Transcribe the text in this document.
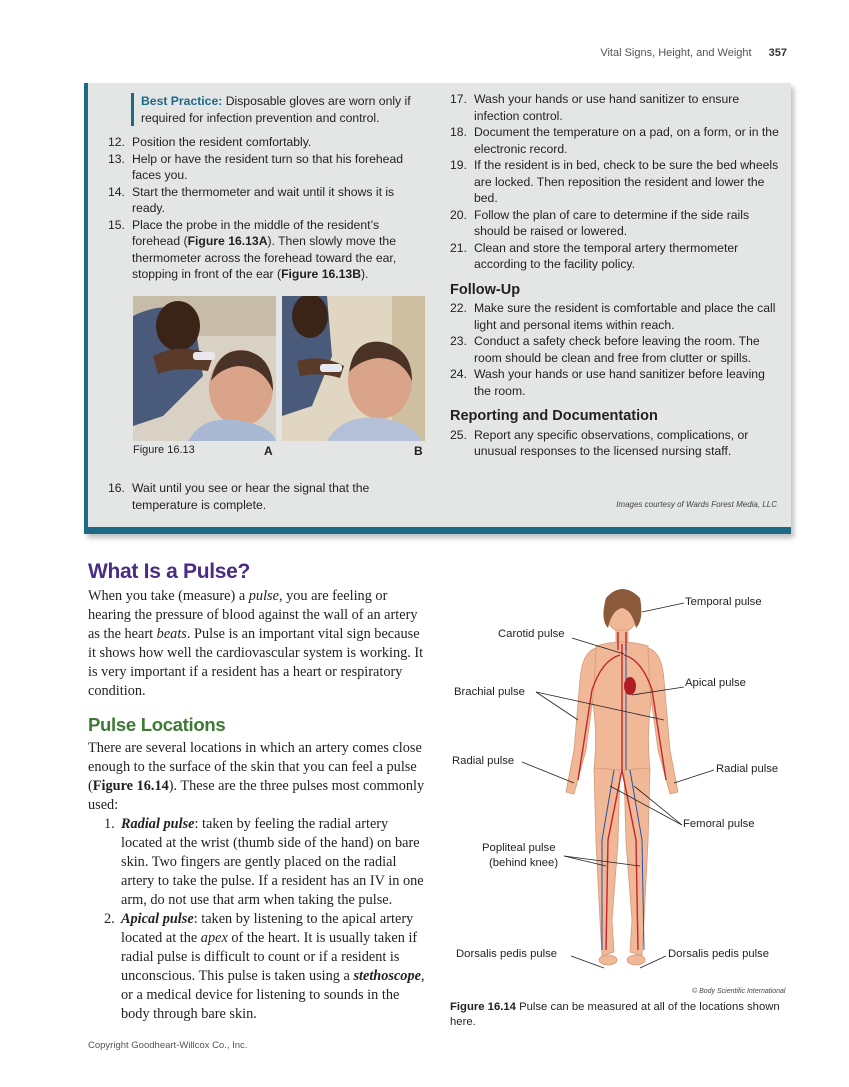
Vital Signs, Height, and Weight 357
Best Practice: Disposable gloves are worn only if required for infection prevention and control.
12. Position the resident comfortably.
13. Help or have the resident turn so that his forehead faces you.
14. Start the thermometer and wait until it shows it is ready.
15. Place the probe in the middle of the resident’s forehead (Figure 16.13A). Then slowly move the thermometer across the forehead toward the ear, stopping in front of the ear (Figure 16.13B).
Figure 16.13	A	B
16. Wait until you see or hear the signal that the temperature is complete.
17. Wash your hands or use hand sanitizer to ensure infection control.
18. Document the temperature on a pad, on a form, or in the electronic record.
19. If the resident is in bed, check to be sure the bed wheels are locked. Then reposition the resident and lower the bed.
20. Follow the plan of care to determine if the side rails should be raised or lowered.
21. Clean and store the temporal artery thermometer according to the facility policy.
Follow-Up
22. Make sure the resident is comfortable and place the call light and personal items within reach.
23. Conduct a safety check before leaving the room. The room should be clean and free from clutter or spills.
24. Wash your hands or use hand sanitizer before leaving the room.
Reporting and Documentation
25. Report any specific observations, complications, or unusual responses to the licensed nursing staff.
Images courtesy of Wards Forest Media, LLC
What Is a Pulse?

When you take (measure) a pulse, you are feeling or hearing the pressure of blood against the wall of an artery as the heart beats. Pulse is an important vital sign because it shows how well the cardiovascular system is working. It is very important if a resident has a heart or respiratory condition.

Pulse Locations

There are several locations in which an artery comes close enough to the surface of the skin that you can feel a pulse (Figure 16.14). These are the three pulses most commonly used:

1. Radial pulse: taken by feeling the radial artery located at the wrist (thumb side of the hand) on bare skin. Two fingers are gently placed on the radial artery to take the pulse. If a resident has an IV in one arm, do not use that arm when taking the pulse.
2. Apical pulse: taken by listening to the apical artery located at the apex of the heart. It is usually taken if radial pulse is difficult to count or if a resident is unconscious. This pulse is taken using a stethoscope, or a medical device for listening to sounds in the body through bare skin.
Temporal pulse
Carotid pulse
Apical pulse
Brachial pulse
Radial pulse
Radial pulse
Femoral pulse
Popliteal pulse
(behind knee)
Dorsalis pedis pulse	Dorsalis pedis pulse
© Body Scientific International
Figure 16.14 Pulse can be measured at all of the locations shown here.
Copyright Goodheart-Willcox Co., Inc.
